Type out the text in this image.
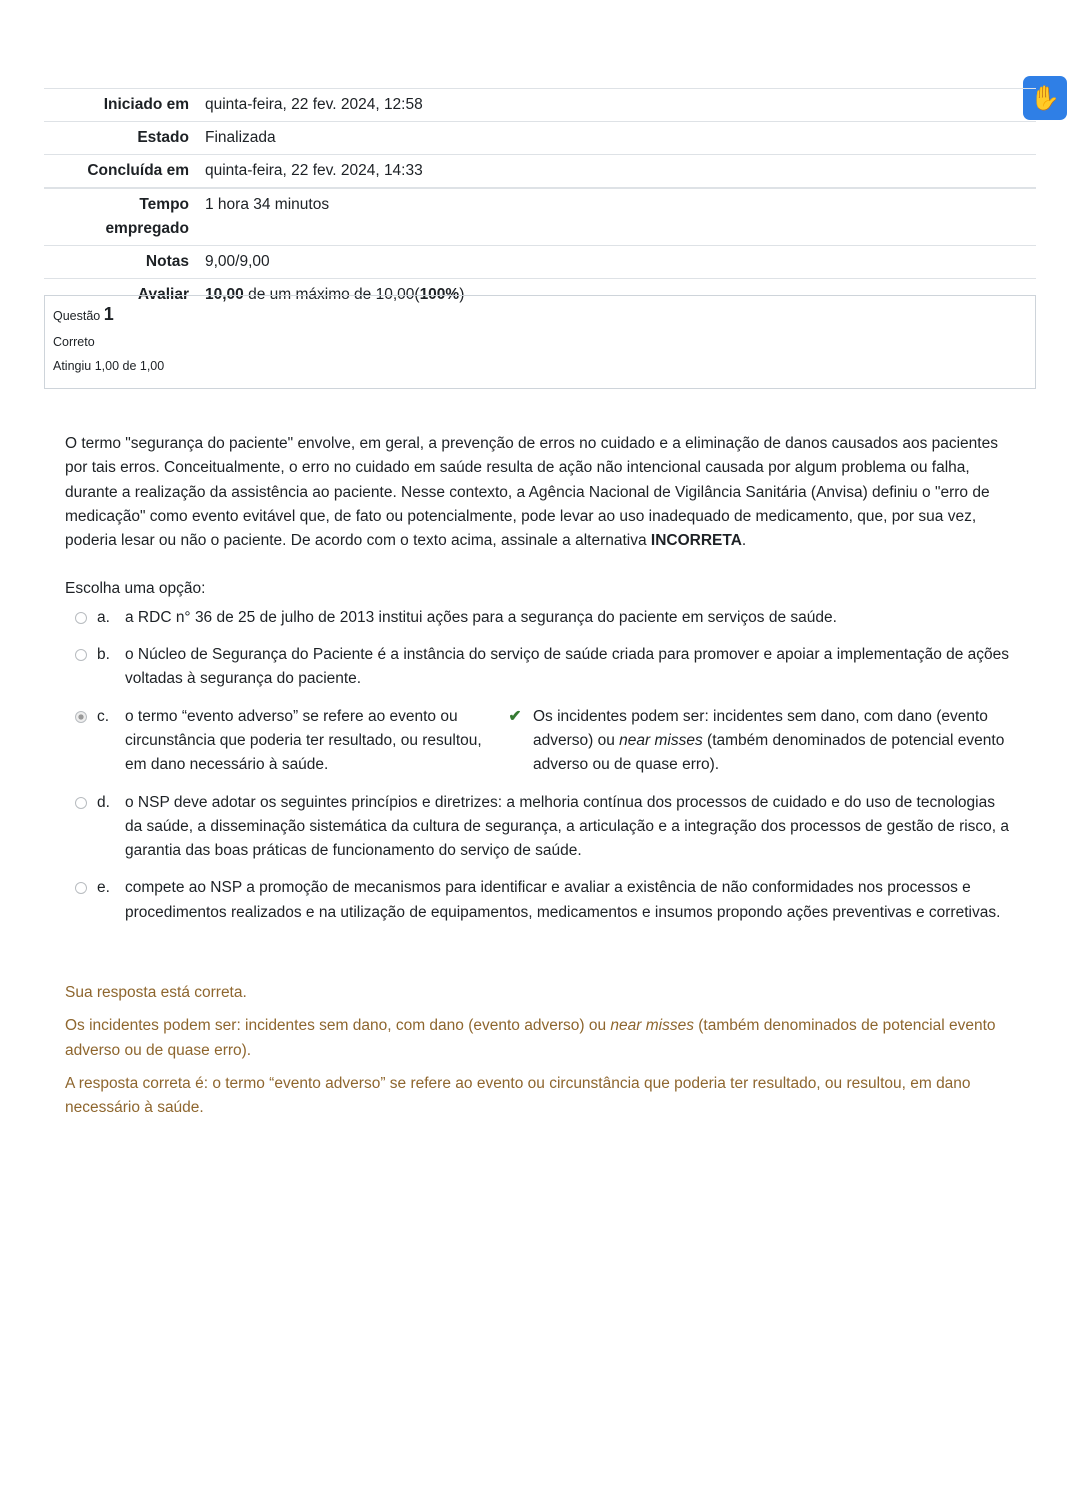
✋
Iniciado em	quinta-feira, 22 fev. 2024, 12:58
Estado	Finalizada
Concluída em	quinta-feira, 22 fev. 2024, 14:33
Tempo empregado	1 hora 34 minutos
Notas	9,00/9,00
Avaliar	10,00 de um máximo de 10,00(100%)
Questão 1
Correto
Atingiu 1,00 de 1,00

O termo "segurança do paciente" envolve, em geral, a prevenção de erros no cuidado e a eliminação de danos causados aos pacientes por tais erros. Conceitualmente, o erro no cuidado em saúde resulta de ação não intencional causada por algum problema ou falha, durante a realização da assistência ao paciente. Nesse contexto, a Agência Nacional de Vigilância Sanitária (Anvisa) definiu o "erro de medicação" como evento evitável que, de fato ou potencialmente, pode levar ao uso inadequado de medicamento, que, por sua vez, poderia lesar ou não o paciente. De acordo com o texto acima, assinale a alternativa INCORRETA.

Escolha uma opção:
a. a RDC n° 36 de 25 de julho de 2013 institui ações para a segurança do paciente em serviços de saúde.
b. o Núcleo de Segurança do Paciente é a instância do serviço de saúde criada para promover e apoiar a implementação de ações voltadas à segurança do paciente.
c.	o termo “evento adverso” se refere ao evento ou circunstância que poderia ter resultado, ou resultou, em dano necessário à saúde.
✔ Os incidentes podem ser: incidentes sem dano, com dano (evento adverso) ou near misses (também denominados de potencial evento adverso ou de quase erro).
d. o NSP deve adotar os seguintes princípios e diretrizes: a melhoria contínua dos processos de cuidado e do uso de tecnologias da saúde, a disseminação sistemática da cultura de segurança, a articulação e a integração dos processos de gestão de risco, a garantia das boas práticas de funcionamento do serviço de saúde.
e. compete ao NSP a promoção de mecanismos para identificar e avaliar a existência de não conformidades nos processos e procedimentos realizados e na utilização de equipamentos, medicamentos e insumos propondo ações preventivas e corretivas.

Sua resposta está correta.

Os incidentes podem ser: incidentes sem dano, com dano (evento adverso) ou near misses (também denominados de potencial evento adverso ou de quase erro).

A resposta correta é: o termo “evento adverso” se refere ao evento ou circunstância que poderia ter resultado, ou resultou, em dano necessário à saúde.
